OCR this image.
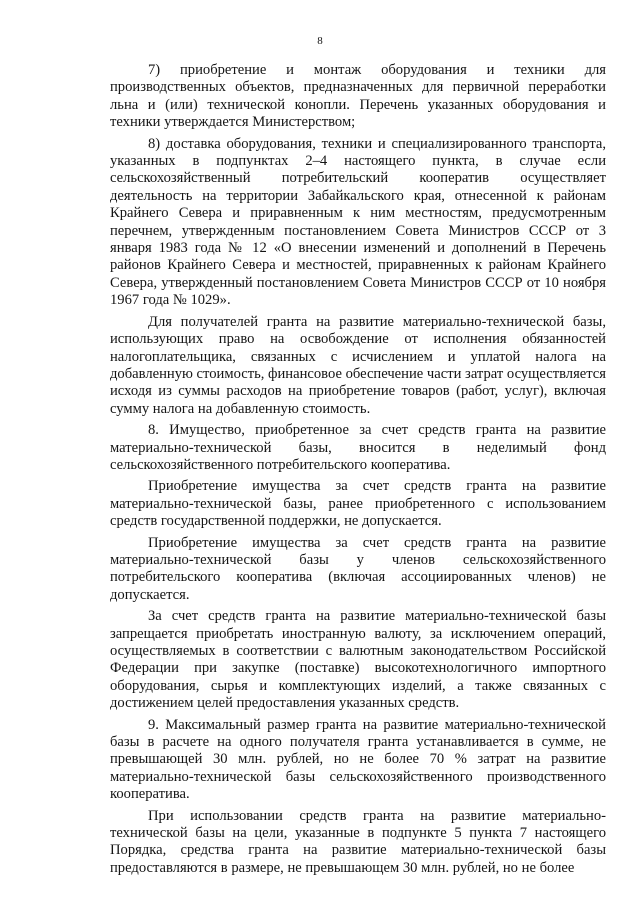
8

7) приобретение и монтаж оборудования и техники для производственных объектов, предназначенных для первичной переработки льна и (или) технической конопли. Перечень указанных оборудования и техники утверждается Министерством;

8) доставка оборудования, техники и специализированного транспорта, указанных в подпунктах 2–4 настоящего пункта, в случае если сельскохозяйственный потребительский кооператив осуществляет деятельность на территории Забайкальского края, отнесенной к районам Крайнего Севера и приравненным к ним местностям, предусмотренным перечнем, утвержденным постановлением Совета Министров СССР от 3 января 1983 года № 12 «О внесении изменений и дополнений в Перечень районов Крайнего Севера и местностей, приравненных к районам Крайнего Севера, утвержденный постановлением Совета Министров СССР от 10 ноября 1967 года № 1029».

Для получателей гранта на развитие материально-технической базы, использующих право на освобождение от исполнения обязанностей налогоплательщика, связанных с исчислением и уплатой налога на добавленную стоимость, финансовое обеспечение части затрат осуществляется исходя из суммы расходов на приобретение товаров (работ, услуг), включая сумму налога на добавленную стоимость.

8. Имущество, приобретенное за счет средств гранта на развитие материально-технической базы, вносится в неделимый фонд сельскохозяйственного потребительского кооператива.

Приобретение имущества за счет средств гранта на развитие материально-технической базы, ранее приобретенного с использованием средств государственной поддержки, не допускается.

Приобретение имущества за счет средств гранта на развитие материально-технической базы у членов сельскохозяйственного потребительского кооператива (включая ассоциированных членов) не допускается.

За счет средств гранта на развитие материально-технической базы запрещается приобретать иностранную валюту, за исключением операций, осуществляемых в соответствии с валютным законодательством Российской Федерации при закупке (поставке) высокотехнологичного импортного оборудования, сырья и комплектующих изделий, а также связанных с достижением целей предоставления указанных средств.

9. Максимальный размер гранта на развитие материально-технической базы в расчете на одного получателя гранта устанавливается в сумме, не превышающей 30 млн. рублей, но не более 70 % затрат на развитие материально-технической базы сельскохозяйственного производственного кооператива.

При использовании средств гранта на развитие материально-технической базы на цели, указанные в подпункте 5 пункта 7 настоящего Порядка, средства гранта на развитие материально-технической базы предоставляются в размере, не превышающем 30 млн. рублей, но не более
